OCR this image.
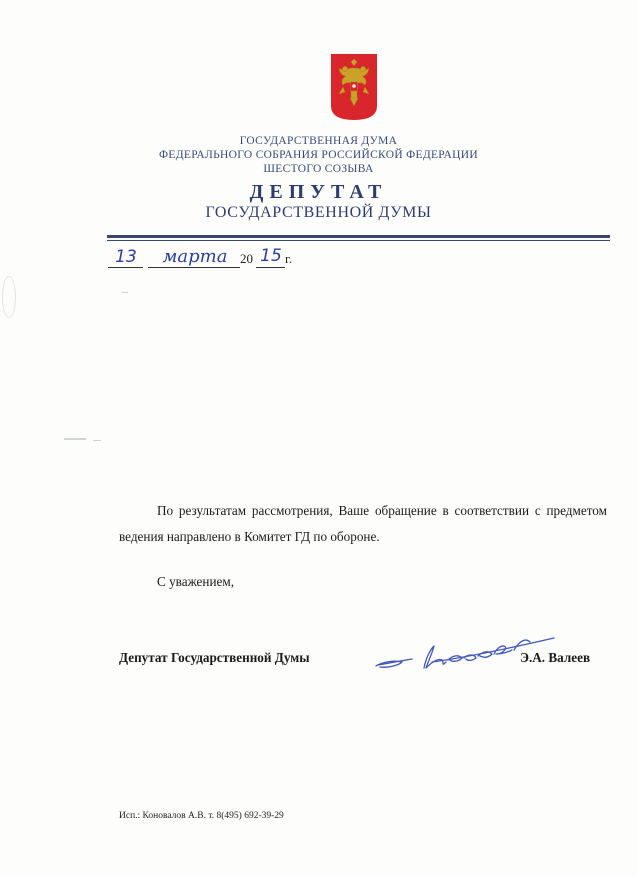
ГОСУДАРСТВЕННАЯ ДУМА
ФЕДЕРАЛЬНОГО СОБРАНИЯ РОССИЙСКОЙ ФЕДЕРАЦИИ
ШЕСТОГО СОЗЫВА
ДЕПУТАТ
ГОСУДАРСТВЕННОЙ ДУМЫ
13	марта 20 15 г.

По результатам рассмотрения, Ваше обращение в соответствии с предметом ведения направлено в Комитет ГД по обороне.

С уважением,
Депутат Государственной Думы	Э.А. Валеев
Исп.: Коновалов А.В. т. 8(495) 692-39-29
